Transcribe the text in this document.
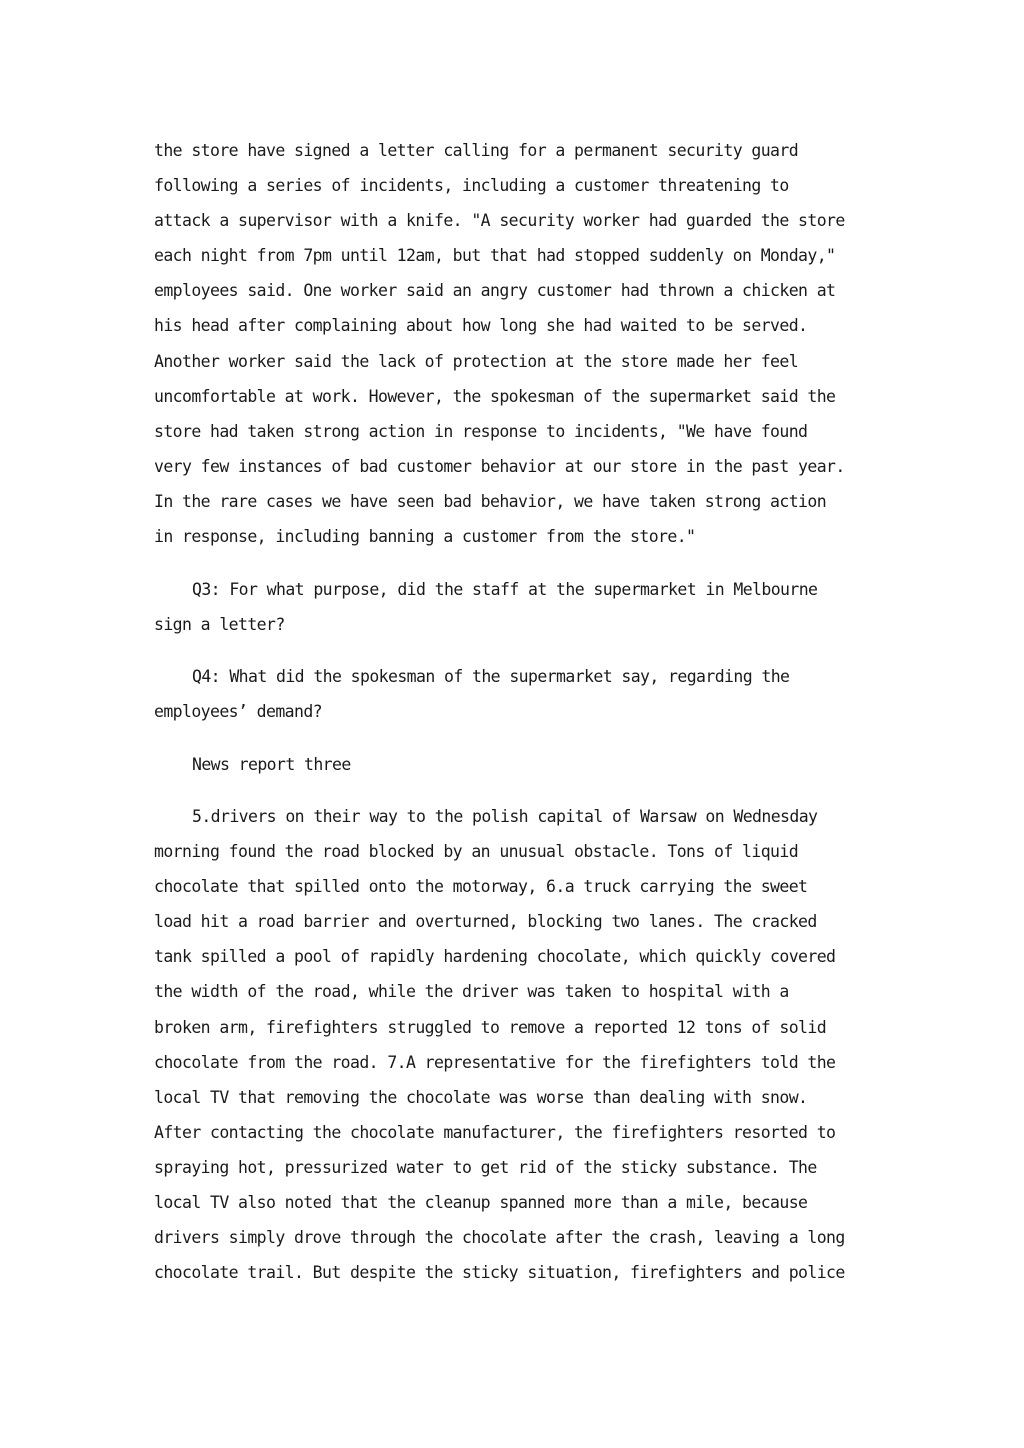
the store have signed a letter calling for a permanent security guard
following a series of incidents, including a customer threatening to
attack a supervisor with a knife. "A security worker had guarded the store
each night from 7pm until 12am, but that had stopped suddenly on Monday,"
employees said. One worker said an angry customer had thrown a chicken at
his head after complaining about how long she had waited to be served.
Another worker said the lack of protection at the store made her feel
uncomfortable at work. However, the spokesman of the supermarket said the
store had taken strong action in response to incidents, "We have found
very few instances of bad customer behavior at our store in the past year.
In the rare cases we have seen bad behavior, we have taken strong action
in response, including banning a customer from the store."
Q3: For what purpose, did the staff at the supermarket in Melbourne
sign a letter?
Q4: What did the spokesman of the supermarket say, regarding the
employees’ demand?
News report three
5.drivers on their way to the polish capital of Warsaw on Wednesday
morning found the road blocked by an unusual obstacle. Tons of liquid
chocolate that spilled onto the motorway, 6.a truck carrying the sweet
load hit a road barrier and overturned, blocking two lanes. The cracked
tank spilled a pool of rapidly hardening chocolate, which quickly covered
the width of the road, while the driver was taken to hospital with a
broken arm, firefighters struggled to remove a reported 12 tons of solid
chocolate from the road. 7.A representative for the firefighters told the
local TV that removing the chocolate was worse than dealing with snow.
After contacting the chocolate manufacturer, the firefighters resorted to
spraying hot, pressurized water to get rid of the sticky substance. The
local TV also noted that the cleanup spanned more than a mile, because
drivers simply drove through the chocolate after the crash, leaving a long
chocolate trail. But despite the sticky situation, firefighters and police
